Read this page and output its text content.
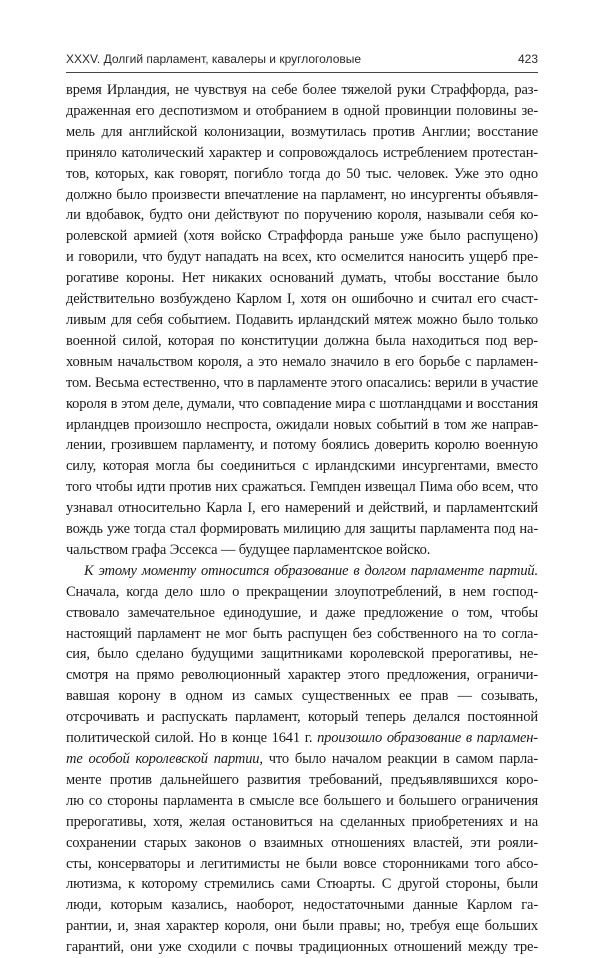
XXXV. Долгий парламент, кавалеры и круглоголовые	423
время Ирландия, не чувствуя на себе более тяжелой руки Страффорда, раз-
драженная его деспотизмом и отобранием в одной провинции половины зе-
мель для английской колонизации, возмутилась против Англии; восстание
приняло католический характер и сопровождалось истреблением протестан-
тов, которых, как говорят, погибло тогда до 50 тыс. человек. Уже это одно
должно было произвести впечатление на парламент, но инсургенты объявля-
ли вдобавок, будто они действуют по поручению короля, называли себя ко-
ролевской армией (хотя войско Страффорда раньше уже было распущено)
и говорили, что будут нападать на всех, кто осмелится наносить ущерб пре-
рогативе короны. Нет никаких оснований думать, чтобы восстание было
действительно возбуждено Карлом I, хотя он ошибочно и считал его счаст-
ливым для себя событием. Подавить ирландский мятеж можно было только
военной силой, которая по конституции должна была находиться под вер-
ховным начальством короля, а это немало значило в его борьбе с парламен-
том. Весьма естественно, что в парламенте этого опасались: верили в участие
короля в этом деле, думали, что совпадение мира с шотландцами и восстания
ирландцев произошло неспроста, ожидали новых событий в том же направ-
лении, грозившем парламенту, и потому боялись доверить королю военную
силу, которая могла бы соединиться с ирландскими инсургентами, вместо
того чтобы идти против них сражаться. Гемпден извещал Пима обо всем, что
узнавал относительно Карла I, его намерений и действий, и парламентский
вождь уже тогда стал формировать милицию для защиты парламента под на-
чальством графа Эссекса — будущее парламентское войско.
К этому моменту относится образование в долгом парламенте партий.
Сначала, когда дело шло о прекращении злоупотреблений, в нем господ-
ствовало замечательное единодушие, и даже предложение о том, чтобы
настоящий парламент не мог быть распущен без собственного на то согла-
сия, было сделано будущими защитниками королевской прерогативы, не-
смотря на прямо революционный характер этого предложения, ограничи-
вавшая корону в одном из самых существенных ее прав — созывать,
отсрочивать и распускать парламент, который теперь делался постоянной
политической силой. Но в конце 1641 г. произошло образование в парламен-
те особой королевской партии, что было началом реакции в самом парла-
менте против дальнейшего развития требований, предъявлявшихся коро-
лю со стороны парламента в смысле все большего и большего ограничения
прерогативы, хотя, желая остановиться на сделанных приобретениях и на
сохранении старых законов о взаимных отношениях властей, эти рояли-
сты, консерваторы и легитимисты не были вовсе сторонниками того абсо-
лютизма, к которому стремились сами Стюарты. С другой стороны, были
люди, которым казались, наоборот, недостаточными данные Карлом га-
рантии, и, зная характер короля, они были правы; но, требуя еще больших
гарантий, они уже сходили с почвы традиционных отношений между тре-
